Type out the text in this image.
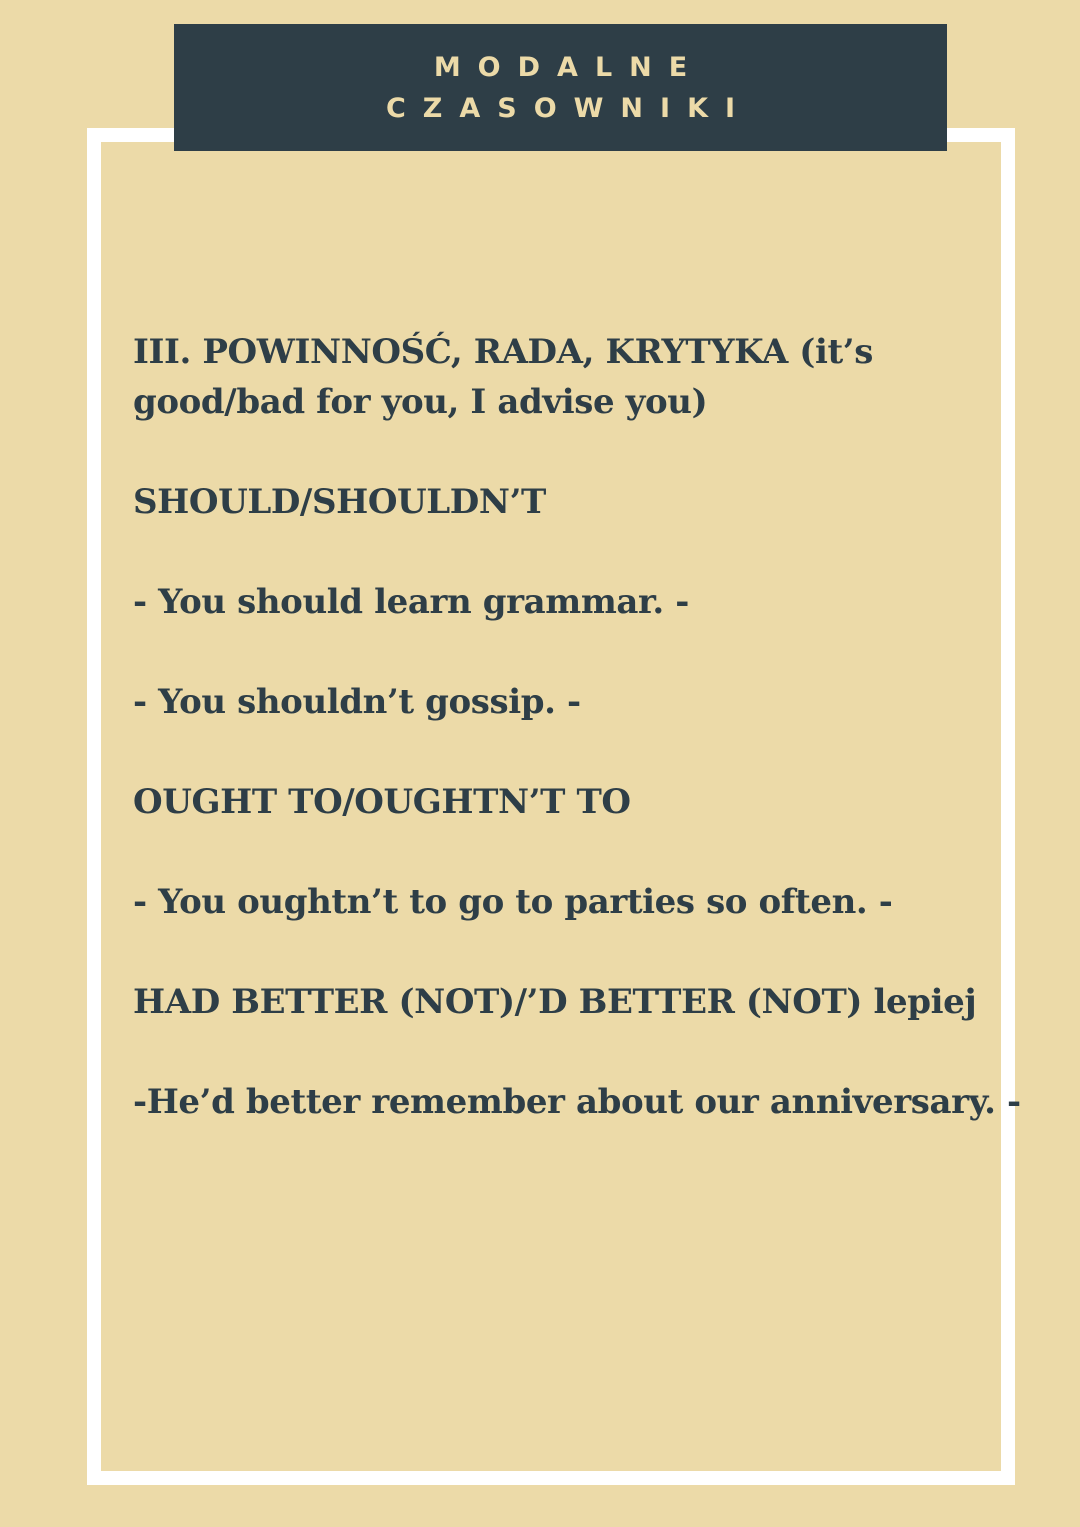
MODALNE
CZASOWNIKI
III. POWINNOŚĆ, RADA, KRYTYKA (it’s
good/bad for you, I advise you)
SHOULD/SHOULDN’T
- You should learn grammar. -
- You shouldn’t gossip. -
OUGHT TO/OUGHTN’T TO
- You oughtn’t to go to parties so often. -
HAD BETTER (NOT)/’D BETTER (NOT) lepiej
-He’d better remember about our anniversary. -
